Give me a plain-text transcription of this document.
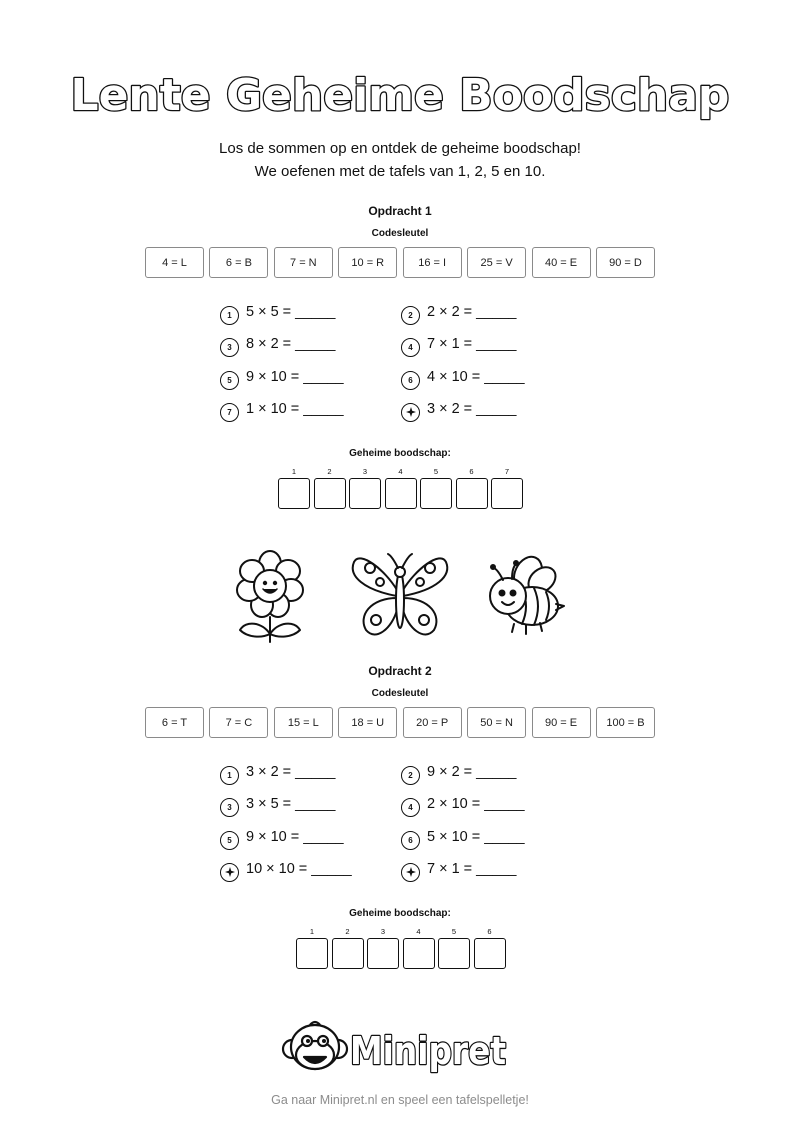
Lente Geheime Boodschap
Los de sommen op en ontdek de geheime boodschap!
We oefenen met de tafels van 1, 2, 5 en 10.
Opdracht 1
Codesleutel
4 = L	6 = B	7 = N	10 = R	16 = I	25 = V	40 = E	90 = D
1 5 × 5 = _____	2 2 × 2 = _____
3 8 × 2 = _____	4 7 × 1 = _____
5 9 × 10 = _____	6 4 × 10 = _____
7 1 × 10 = _____	3 × 2 = _____
Geheime boodschap:
1	2	3	4	5	6	7
Opdracht 2
Codesleutel
6 = T	7 = C	15 = L	18 = U	20 = P	50 = N	90 = E	100 = B
1 3 × 2 = _____	2 9 × 2 = _____
3 3 × 5 = _____	4 2 × 10 = _____
5 9 × 10 = _____	6 5 × 10 = _____
10 × 10 = _____	7 × 1 = _____
Geheime boodschap:
1	2	3	4	5	6
Minipret
Ga naar Minipret.nl en speel een tafelspelletje!
